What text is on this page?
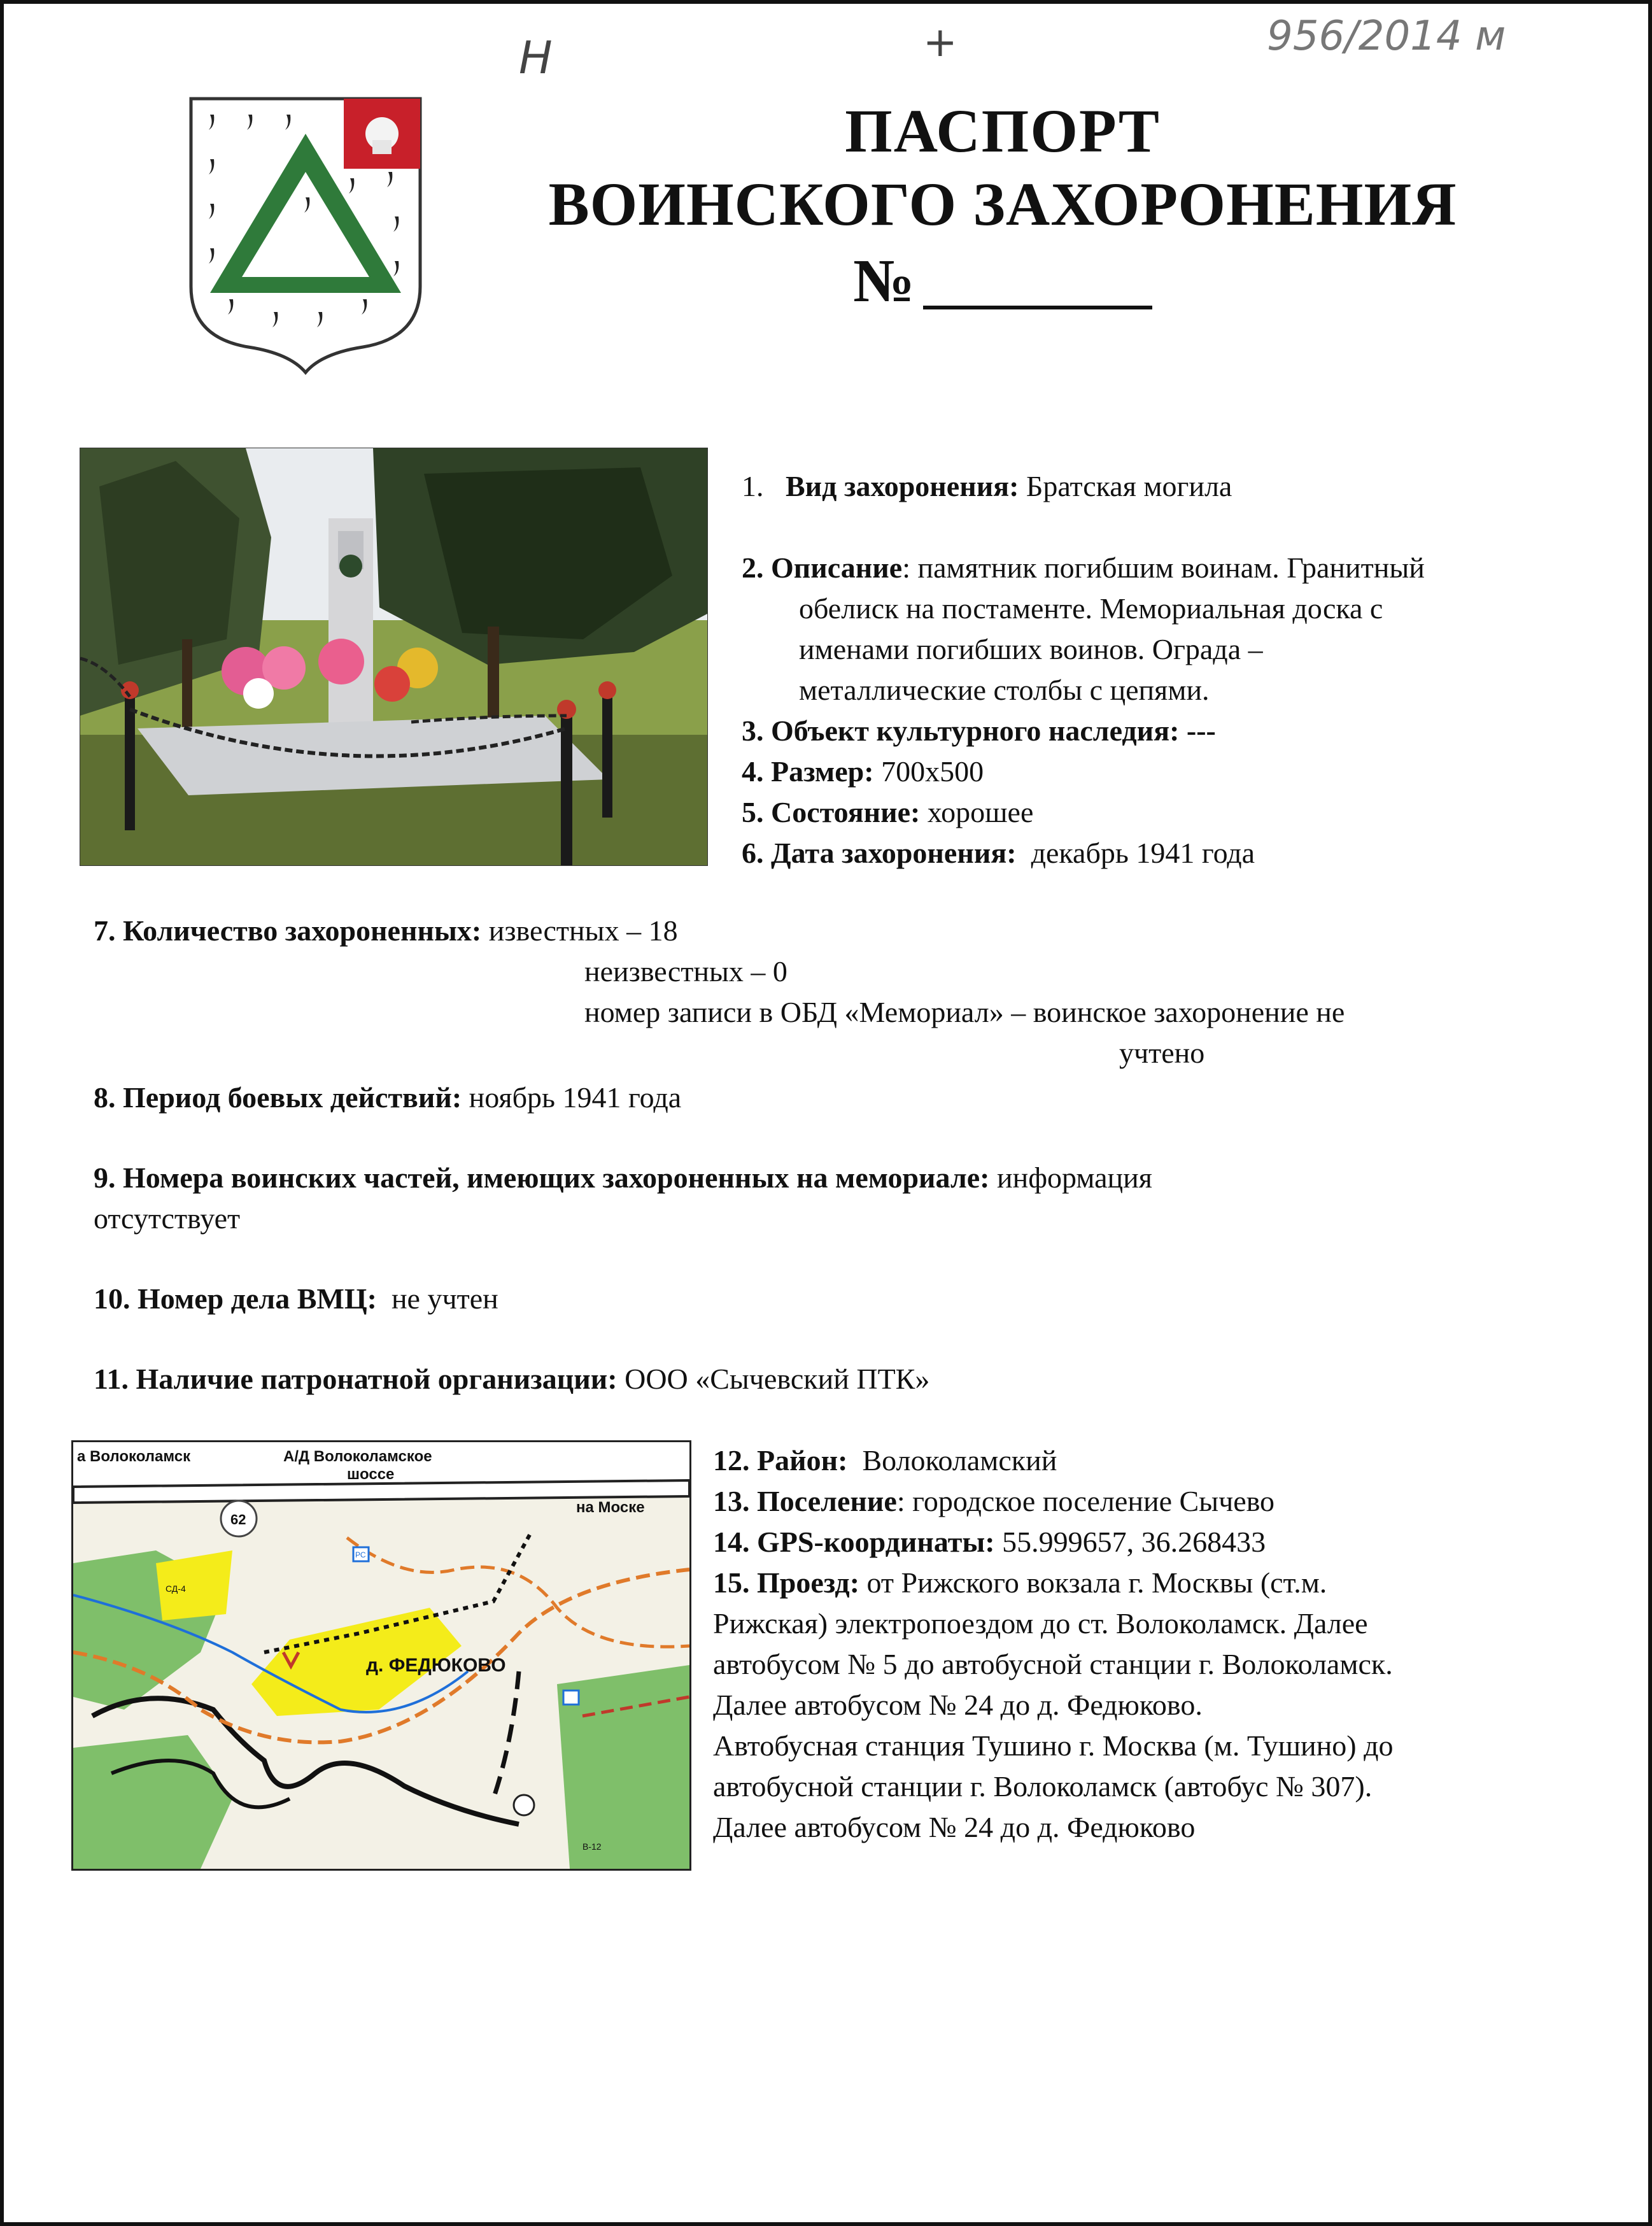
Н	+	956/2014 м
ПАСПОРТ
ВОИНСКОГО ЗАХОРОНЕНИЯ
№
1. Вид захоронения: Братская могила
2. Описание: памятник погибшим воинам. Гранитный
обелиск на постаменте. Мемориальная доска с
именами погибших воинов. Ограда –
металлические столбы с цепями.
3. Объект культурного наследия: ---
4. Размер: 700х500
5. Состояние: хорошее
6. Дата захоронения: декабрь 1941 года
7. Количество захороненных: известных – 18
неизвестных – 0
номер записи в ОБД «Мемориал» – воинское захоронение не
учтено
8. Период боевых действий: ноябрь 1941 года
9. Номера воинских частей, имеющих захороненных на мемориале: информация
отсутствует
10. Номер дела ВМЦ: не учтен
11. Наличие патронатной организации: ООО «Сычевский ПТК»
а Волоколамск	А/Д Волоколамское
шоссе
на Моске
д. ФЕДЮКОВО
62
СД-4
РС
В-12
12. Район: Волоколамский
13. Поселение: городское поселение Сычево
14. GPS-координаты: 55.999657, 36.268433
15. Проезд: от Рижского вокзала г. Москвы (ст.м.
Рижская) электропоездом до ст. Волоколамск. Далее
автобусом № 5 до автобусной станции г. Волоколамск.
Далее автобусом № 24 до д. Федюково.
Автобусная станция Тушино г. Москва (м. Тушино) до
автобусной станции г. Волоколамск (автобус № 307).
Далее автобусом № 24 до д. Федюково
